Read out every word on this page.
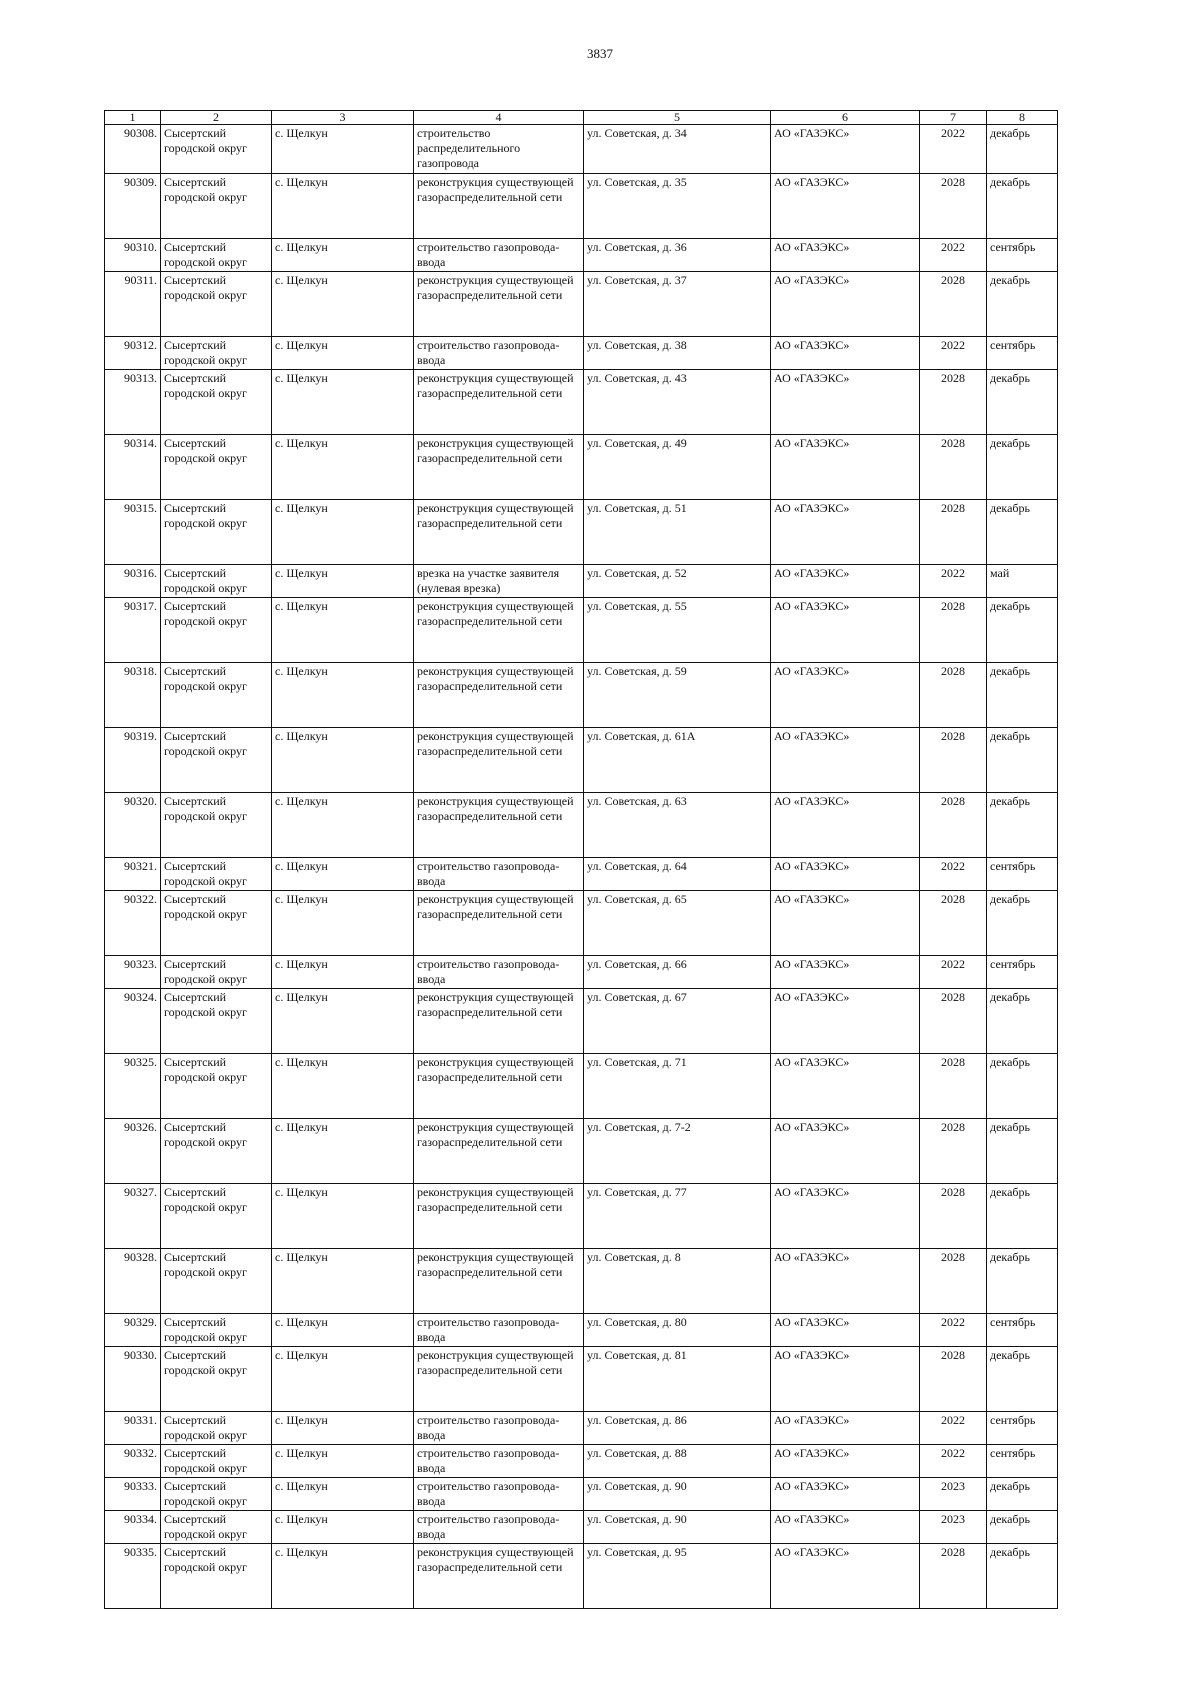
3837
1	2	3	4	5	6	7	8
90308.	Сысертский городской округ	с. Щелкун	строительство распределительного газопровода	ул. Советская, д. 34	АО «ГАЗЭКС»	2022	декабрь
90309.	Сысертский городской округ	с. Щелкун	реконструкция существующей газораспределительной сети	ул. Советская, д. 35	АО «ГАЗЭКС»	2028	декабрь
90310.	Сысертский городской округ	с. Щелкун	строительство газопровода-ввода	ул. Советская, д. 36	АО «ГАЗЭКС»	2022	сентябрь
90311.	Сысертский городской округ	с. Щелкун	реконструкция существующей газораспределительной сети	ул. Советская, д. 37	АО «ГАЗЭКС»	2028	декабрь
90312.	Сысертский городской округ	с. Щелкун	строительство газопровода-ввода	ул. Советская, д. 38	АО «ГАЗЭКС»	2022	сентябрь
90313.	Сысертский городской округ	с. Щелкун	реконструкция существующей газораспределительной сети	ул. Советская, д. 43	АО «ГАЗЭКС»	2028	декабрь
90314.	Сысертский городской округ	с. Щелкун	реконструкция существующей газораспределительной сети	ул. Советская, д. 49	АО «ГАЗЭКС»	2028	декабрь
90315.	Сысертский городской округ	с. Щелкун	реконструкция существующей газораспределительной сети	ул. Советская, д. 51	АО «ГАЗЭКС»	2028	декабрь
90316.	Сысертский городской округ	с. Щелкун	врезка на участке заявителя (нулевая врезка)	ул. Советская, д. 52	АО «ГАЗЭКС»	2022	май
90317.	Сысертский городской округ	с. Щелкун	реконструкция существующей газораспределительной сети	ул. Советская, д. 55	АО «ГАЗЭКС»	2028	декабрь
90318.	Сысертский городской округ	с. Щелкун	реконструкция существующей газораспределительной сети	ул. Советская, д. 59	АО «ГАЗЭКС»	2028	декабрь
90319.	Сысертский городской округ	с. Щелкун	реконструкция существующей газораспределительной сети	ул. Советская, д. 61А	АО «ГАЗЭКС»	2028	декабрь
90320.	Сысертский городской округ	с. Щелкун	реконструкция существующей газораспределительной сети	ул. Советская, д. 63	АО «ГАЗЭКС»	2028	декабрь
90321.	Сысертский городской округ	с. Щелкун	строительство газопровода-ввода	ул. Советская, д. 64	АО «ГАЗЭКС»	2022	сентябрь
90322.	Сысертский городской округ	с. Щелкун	реконструкция существующей газораспределительной сети	ул. Советская, д. 65	АО «ГАЗЭКС»	2028	декабрь
90323.	Сысертский городской округ	с. Щелкун	строительство газопровода-ввода	ул. Советская, д. 66	АО «ГАЗЭКС»	2022	сентябрь
90324.	Сысертский городской округ	с. Щелкун	реконструкция существующей газораспределительной сети	ул. Советская, д. 67	АО «ГАЗЭКС»	2028	декабрь
90325.	Сысертский городской округ	с. Щелкун	реконструкция существующей газораспределительной сети	ул. Советская, д. 71	АО «ГАЗЭКС»	2028	декабрь
90326.	Сысертский городской округ	с. Щелкун	реконструкция существующей газораспределительной сети	ул. Советская, д. 7-2	АО «ГАЗЭКС»	2028	декабрь
90327.	Сысертский городской округ	с. Щелкун	реконструкция существующей газораспределительной сети	ул. Советская, д. 77	АО «ГАЗЭКС»	2028	декабрь
90328.	Сысертский городской округ	с. Щелкун	реконструкция существующей газораспределительной сети	ул. Советская, д. 8	АО «ГАЗЭКС»	2028	декабрь
90329.	Сысертский городской округ	с. Щелкун	строительство газопровода-ввода	ул. Советская, д. 80	АО «ГАЗЭКС»	2022	сентябрь
90330.	Сысертский городской округ	с. Щелкун	реконструкция существующей газораспределительной сети	ул. Советская, д. 81	АО «ГАЗЭКС»	2028	декабрь
90331.	Сысертский городской округ	с. Щелкун	строительство газопровода-ввода	ул. Советская, д. 86	АО «ГАЗЭКС»	2022	сентябрь
90332.	Сысертский городской округ	с. Щелкун	строительство газопровода-ввода	ул. Советская, д. 88	АО «ГАЗЭКС»	2022	сентябрь
90333.	Сысертский городской округ	с. Щелкун	строительство газопровода-ввода	ул. Советская, д. 90	АО «ГАЗЭКС»	2023	декабрь
90334.	Сысертский городской округ	с. Щелкун	строительство газопровода-ввода	ул. Советская, д. 90	АО «ГАЗЭКС»	2023	декабрь
90335.	Сысертский городской округ	с. Щелкун	реконструкция существующей газораспределительной сети	ул. Советская, д. 95	АО «ГАЗЭКС»	2028	декабрь
